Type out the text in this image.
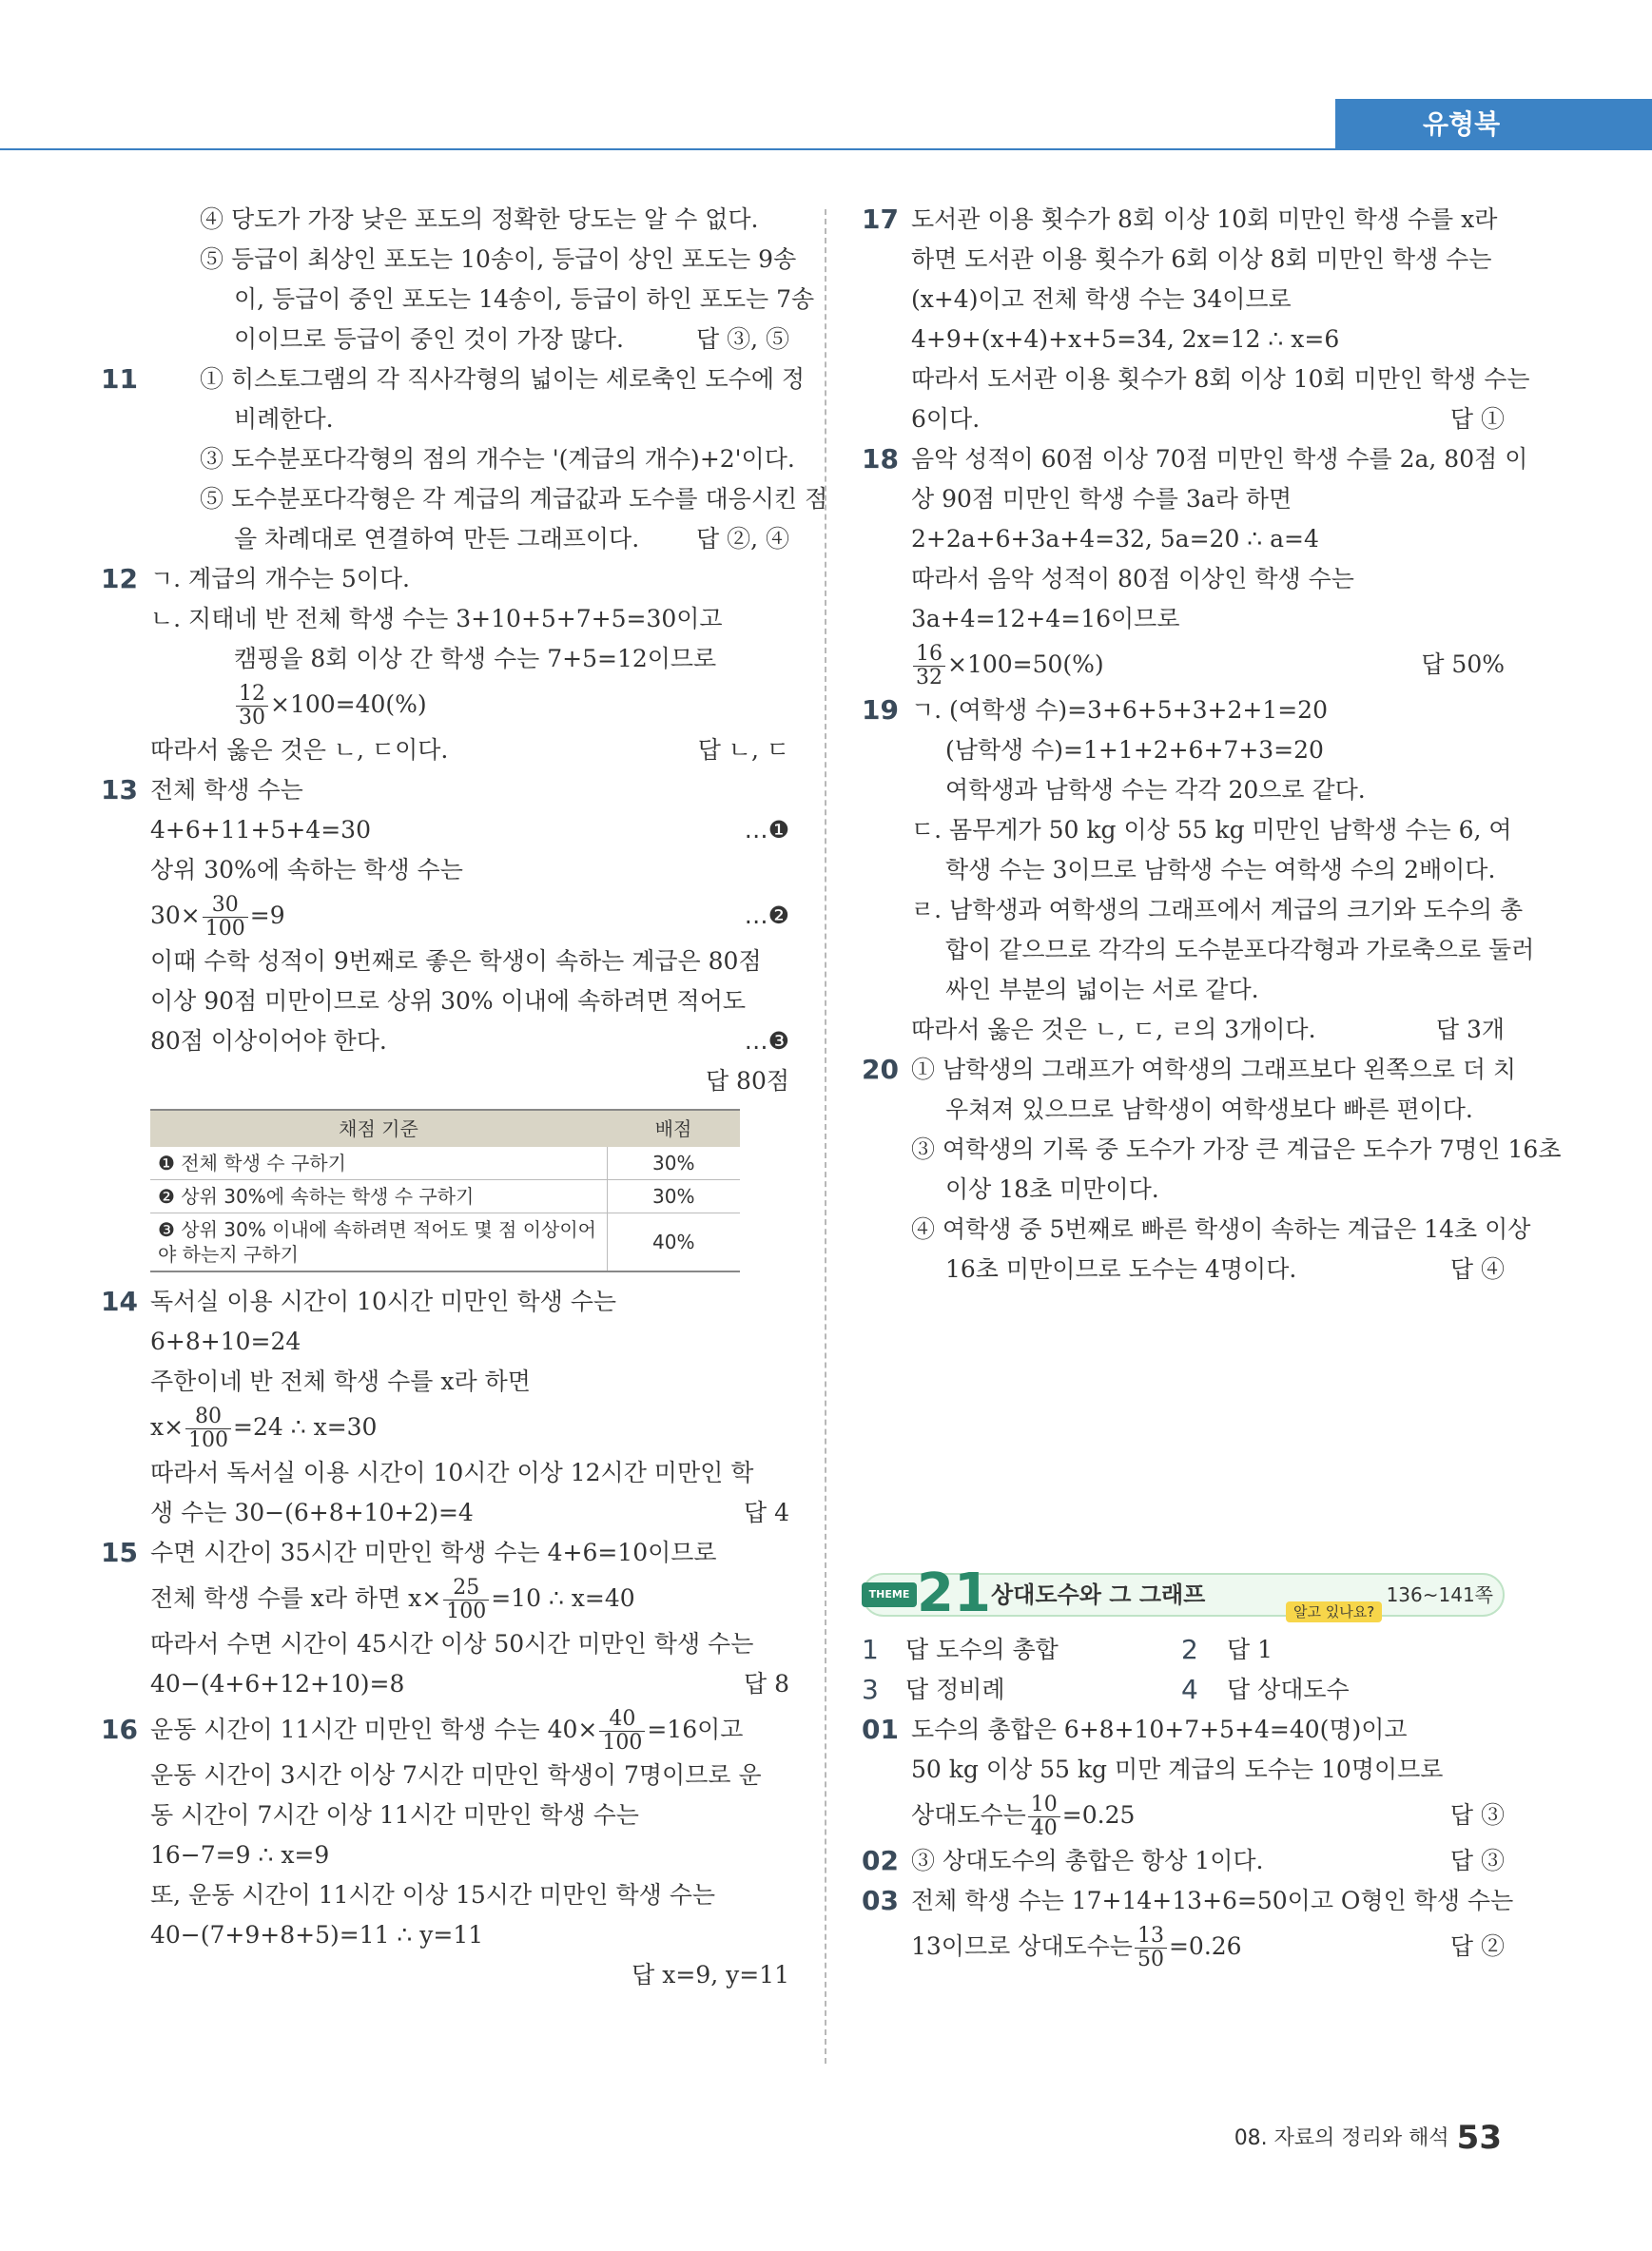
유형북
④ 당도가 가장 낮은 포도의 정확한 당도는 알 수 없다.
⑤ 등급이 최상인 포도는 10송이, 등급이 상인 포도는 9송
이, 등급이 중인 포도는 14송이, 등급이 하인 포도는 7송
이이므로 등급이 중인 것이 가장 많다.	답 ③, ⑤
11	① 히스토그램의 각 직사각형의 넓이는 세로축인 도수에 정
비례한다.
③ 도수분포다각형의 점의 개수는 '(계급의 개수)+2'이다.
⑤ 도수분포다각형은 각 계급의 계급값과 도수를 대응시킨 점
을 차례대로 연결하여 만든 그래프이다. 답 ②, ④
12 ㄱ. 계급의 개수는 5이다.
ㄴ. 지태네 반 전체 학생 수는 3+10+5+7+5=30이고
캠핑을 8회 이상 간 학생 수는 7+5=12이므로
$\frac{12}{30} \times 100=40(\%)$
따라서 옳은 것은 ㄴ, ㄷ이다.	답 ㄴ, ㄷ
13 전체 학생 수는
4+6+11+5+4=30	…❶
상위 30%에 속하는 학생 수는
$30\times \frac{30}{100} =9$	…❷
이때 수학 성적이 9번째로 좋은 학생이 속하는 계급은 80점
이상 90점 미만이므로 상위 30% 이내에 속하려면 적어도
80점 이상이어야 한다.	…❸
답 80점

채점 기준	배점
❶ 전체 학생 수 구하기	30%
❷ 상위 30%에 속하는 학생 수 구하기	30%
❸ 상위 30% 이내에 속하려면 적어도 몇 점 이상이어야 하는지 구하기	40%
14 독서실 이용 시간이 10시간 미만인 학생 수는
6+8+10=24
주한이네 반 전체 학생 수를 x라 하면
$x\times \frac{80}{100} =24$ ∴ x=30
따라서 독서실 이용 시간이 10시간 이상 12시간 미만인 학
생 수는 30−(6+8+10+2)=4	답 4
15 수면 시간이 35시간 미만인 학생 수는 4+6=10이므로
전체 학생 수를 x라 하면 $x\times \frac{25}{100} =10$ ∴ x=40
따라서 수면 시간이 45시간 이상 50시간 미만인 학생 수는
40−(4+6+12+10)=8	답 8
16 운동 시간이 11시간 미만인 학생 수는 $40\times \frac{40}{100} =16$이고
운동 시간이 3시간 이상 7시간 미만인 학생이 7명이므로 운
동 시간이 7시간 이상 11시간 미만인 학생 수는
16−7=9 ∴ x=9
또, 운동 시간이 11시간 이상 15시간 미만인 학생 수는
40−(7+9+8+5)=11 ∴ y=11
답 x=9, y=11

17 도서관 이용 횟수가 8회 이상 10회 미만인 학생 수를 x라
하면 도서관 이용 횟수가 6회 이상 8회 미만인 학생 수는
(x+4)이고 전체 학생 수는 34이므로
4+9+(x+4)+x+5=34, 2x=12 ∴ x=6
따라서 도서관 이용 횟수가 8회 이상 10회 미만인 학생 수는
6이다.	답 ①
18 음악 성적이 60점 이상 70점 미만인 학생 수를 2a, 80점 이
상 90점 미만인 학생 수를 3a라 하면
2+2a+6+3a+4=32, 5a=20 ∴ a=4
따라서 음악 성적이 80점 이상인 학생 수는
3a+4=12+4=16이므로
$\frac{16}{32} \times 100=50(\%)$	답 50%
19 ㄱ. (여학생 수)=3+6+5+3+2+1=20
(남학생 수)=1+1+2+6+7+3=20
여학생과 남학생 수는 각각 20으로 같다.
ㄷ. 몸무게가 50 kg 이상 55 kg 미만인 남학생 수는 6, 여
학생 수는 3이므로 남학생 수는 여학생 수의 2배이다.
ㄹ. 남학생과 여학생의 그래프에서 계급의 크기와 도수의 총
합이 같으므로 각각의 도수분포다각형과 가로축으로 둘러
싸인 부분의 넓이는 서로 같다.
따라서 옳은 것은 ㄴ, ㄷ, ㄹ의 3개이다.	답 3개
20 ① 남학생의 그래프가 여학생의 그래프보다 왼쪽으로 더 치
우쳐져 있으므로 남학생이 여학생보다 빠른 편이다.
③ 여학생의 기록 중 도수가 가장 큰 계급은 도수가 7명인 16초
이상 18초 미만이다.
④ 여학생 중 5번째로 빠른 학생이 속하는 계급은 14초 이상
16초 미만이므로 도수는 4명이다.	답 ④
THEME 21 상대도수와 그 그래프	136~141쪽
알고 있나요?
1 답 도수의 총합	2 답 1

3 답 정비례	4 답 상대도수

01 도수의 총합은 6+8+10+7+5+4=40(명)이고
50 kg 이상 55 kg 미만 계급의 도수는 10명이므로
상대도수는 $\frac{10}{40} =0.25$	답 ③
02 ③ 상대도수의 총합은 항상 1이다.	답 ③
03 전체 학생 수는 17+14+13+6=50이고 O형인 학생 수는
13이므로 상대도수는 $\frac{13}{50} =0.26$	답 ②
08. 자료의 정리와 해석 53
